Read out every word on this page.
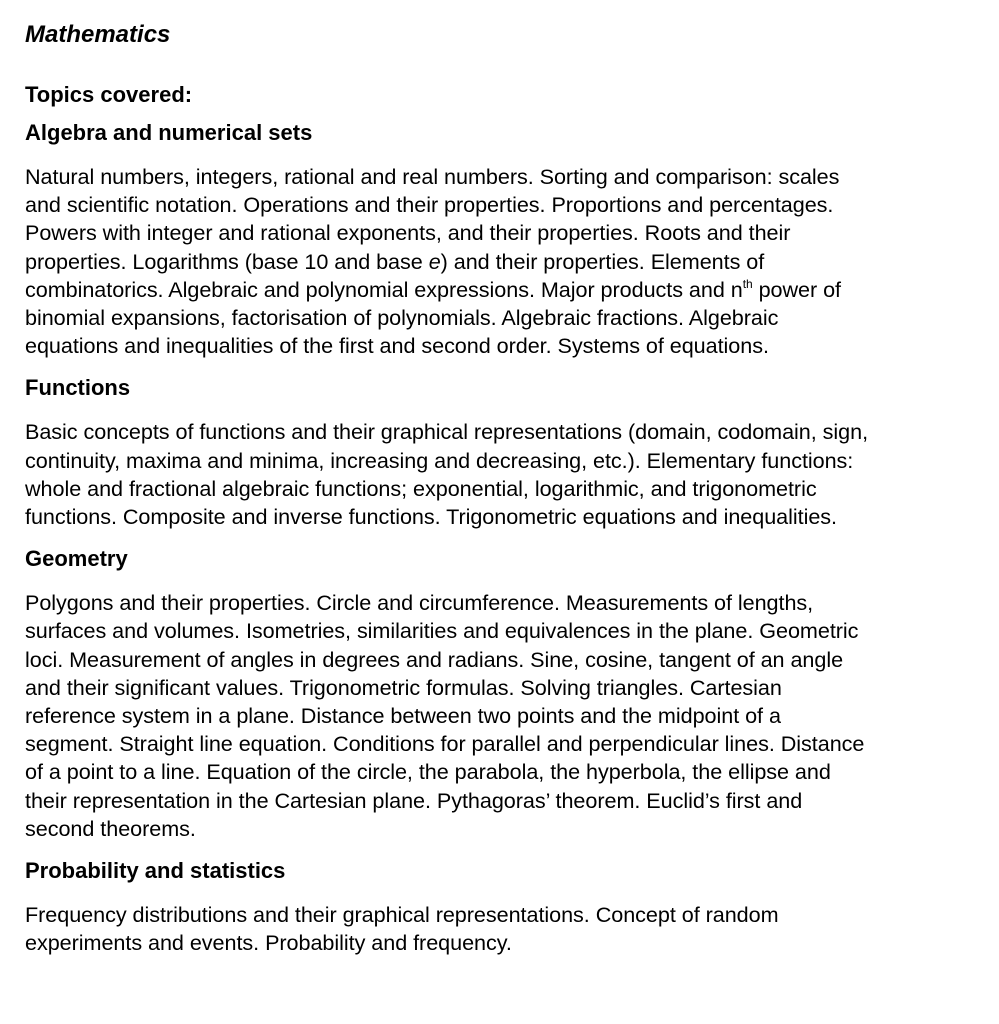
Mathematics
Topics covered:
Algebra and numerical sets

Natural numbers, integers, rational and real numbers. Sorting and comparison: scales
and scientific notation. Operations and their properties. Proportions and percentages.
Powers with integer and rational exponents, and their properties. Roots and their
properties. Logarithms (base 10 and base e) and their properties. Elements of
combinatorics. Algebraic and polynomial expressions. Major products and $n^{th}$ power of
binomial expansions, factorisation of polynomials. Algebraic fractions. Algebraic
equations and inequalities of the first and second order. Systems of equations.

Functions

Basic concepts of functions and their graphical representations (domain, codomain, sign,
continuity, maxima and minima, increasing and decreasing, etc.). Elementary functions:
whole and fractional algebraic functions; exponential, logarithmic, and trigonometric
functions. Composite and inverse functions. Trigonometric equations and inequalities.

Geometry

Polygons and their properties. Circle and circumference. Measurements of lengths,
surfaces and volumes. Isometries, similarities and equivalences in the plane. Geometric
loci. Measurement of angles in degrees and radians. Sine, cosine, tangent of an angle
and their significant values. Trigonometric formulas. Solving triangles. Cartesian
reference system in a plane. Distance between two points and the midpoint of a
segment. Straight line equation. Conditions for parallel and perpendicular lines. Distance
of a point to a line. Equation of the circle, the parabola, the hyperbola, the ellipse and
their representation in the Cartesian plane. Pythagoras’ theorem. Euclid’s first and
second theorems.

Probability and statistics

Frequency distributions and their graphical representations. Concept of random
experiments and events. Probability and frequency.
